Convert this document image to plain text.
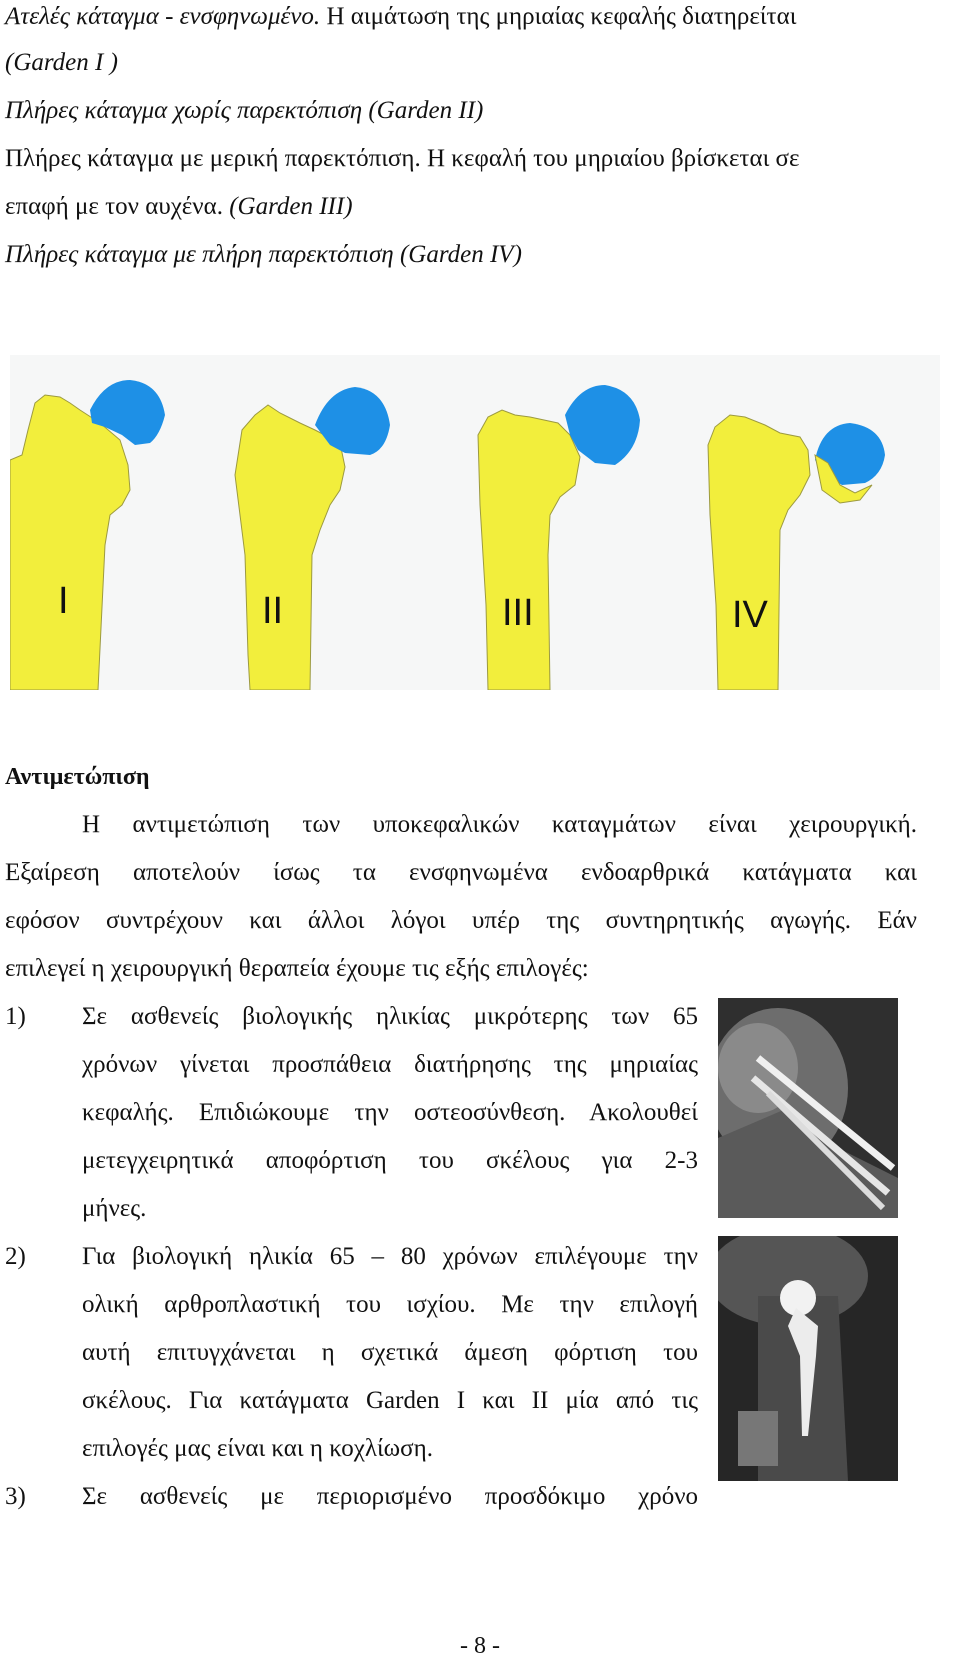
Ατελές κάταγμα - ενσφηνωμένο. Η αιμάτωση της μηριαίας κεφαλής διατηρείται
(Garden I )
Πλήρες κάταγμα χωρίς παρεκτόπιση (Garden II)
Πλήρες κάταγμα με μερική παρεκτόπιση. Η κεφαλή του μηριαίου βρίσκεται σε
επαφή με τον αυχένα. (Garden III)
Πλήρες κάταγμα με πλήρη παρεκτόπιση (Garden IV)
I	II	III	IV
Αντιμετώπιση
Η αντιμετώπιση των υποκεφαλικών καταγμάτων είναι χειρουργική.
Εξαίρεση αποτελούν ίσως τα ενσφηνωμένα ενδοαρθρικά κατάγματα και
εφόσον συντρέχουν και άλλοι λόγοι υπέρ της συντηρητικής αγωγής. Εάν
επιλεγεί η χειρουργική θεραπεία έχουμε τις εξής επιλογές:
1) Σε ασθενείς βιολογικής ηλικίας μικρότερης των 65
χρόνων γίνεται προσπάθεια διατήρησης της μηριαίας
κεφαλής. Επιδιώκουμε την οστεοσύνθεση. Ακολουθεί
μετεγχειρητικά αποφόρτιση του σκέλους για 2-3
μήνες.
2) Για βιολογική ηλικία 65 – 80 χρόνων επιλέγουμε την
ολική αρθροπλαστική του ισχίου. Με την επιλογή
αυτή επιτυγχάνεται η σχετικά άμεση φόρτιση του
σκέλους. Για κατάγματα Garden I και II μία από τις
επιλογές μας είναι και η κοχλίωση.
3) Σε ασθενείς με περιορισμένο προσδόκιμο χρόνο
- 8 -
